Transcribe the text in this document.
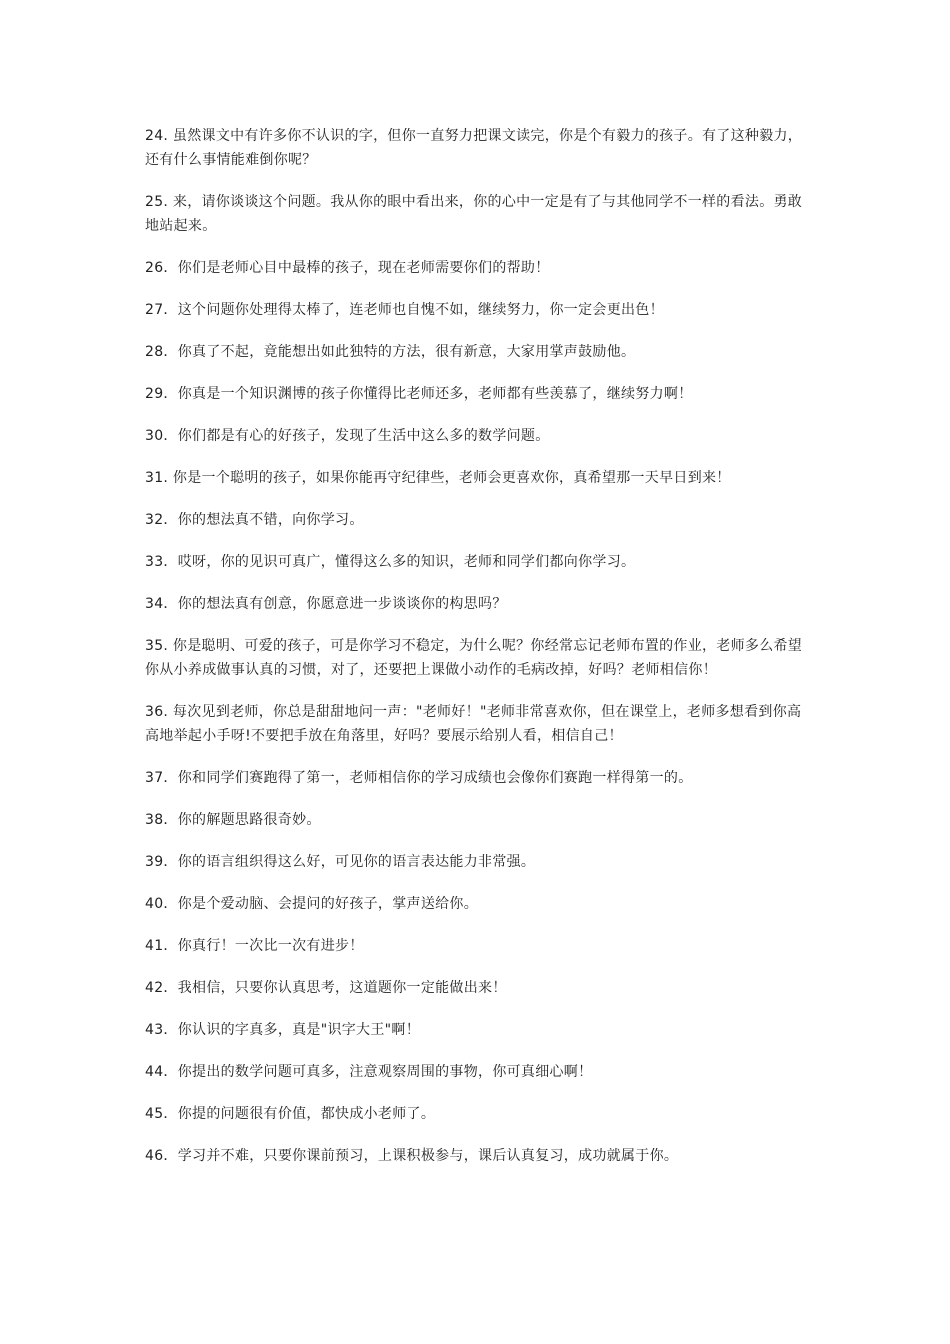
24. 虽然课文中有许多你不认识的字，但你一直努力把课文读完，你是个有毅力的孩子。有了这种毅力，还有什么事情能难倒你呢？

25. 来，请你谈谈这个问题。我从你的眼中看出来，你的心中一定是有了与其他同学不一样的看法。勇敢地站起来。

26．你们是老师心目中最棒的孩子，现在老师需要你们的帮助！

27．这个问题你处理得太棒了，连老师也自愧不如，继续努力，你一定会更出色！

28．你真了不起，竟能想出如此独特的方法，很有新意，大家用掌声鼓励他。

29．你真是一个知识渊博的孩子你懂得比老师还多，老师都有些羡慕了，继续努力啊！

30．你们都是有心的好孩子，发现了生活中这么多的数学问题。

31. 你是一个聪明的孩子，如果你能再守纪律些，老师会更喜欢你，真希望那一天早日到来！

32．你的想法真不错，向你学习。

33．哎呀，你的见识可真广，懂得这么多的知识，老师和同学们都向你学习。

34．你的想法真有创意，你愿意进一步谈谈你的构思吗？

35. 你是聪明、可爱的孩子，可是你学习不稳定，为什么呢？你经常忘记老师布置的作业，老师多么希望你从小养成做事认真的习惯，对了，还要把上课做小动作的毛病改掉，好吗？老师相信你！

36. 每次见到老师，你总是甜甜地问一声："老师好！"老师非常喜欢你，但在课堂上，老师多想看到你高高地举起小手呀!不要把手放在角落里，好吗？要展示给别人看，相信自己！

37．你和同学们赛跑得了第一，老师相信你的学习成绩也会像你们赛跑一样得第一的。

38．你的解题思路很奇妙。

39．你的语言组织得这么好，可见你的语言表达能力非常强。

40．你是个爱动脑、会提问的好孩子，掌声送给你。

41．你真行！一次比一次有进步！

42．我相信，只要你认真思考，这道题你一定能做出来！

43．你认识的字真多，真是"识字大王"啊！

44．你提出的数学问题可真多，注意观察周围的事物，你可真细心啊！

45．你提的问题很有价值，都快成小老师了。

46．学习并不难，只要你课前预习，上课积极参与，课后认真复习，成功就属于你。
